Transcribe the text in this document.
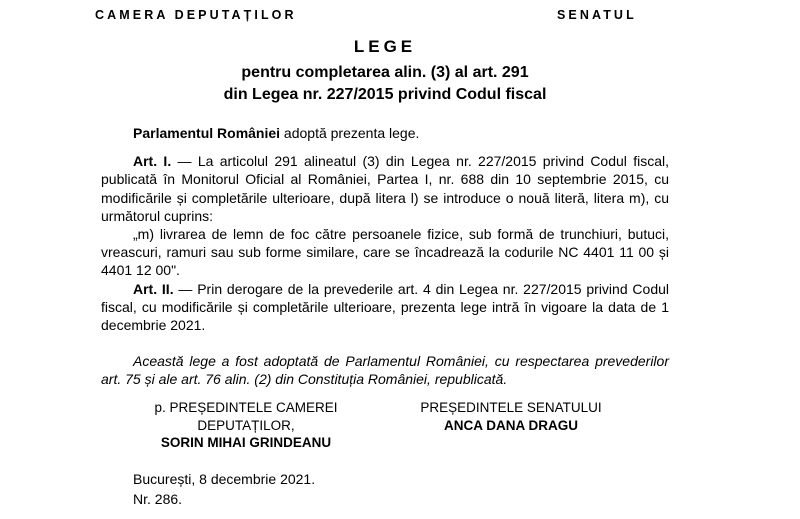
CAMERA DEPUTAȚILOR	SENATUL
LEGE
pentru completarea alin. (3) al art. 291
din Legea nr. 227/2015 privind Codul fiscal

Parlamentul României adoptă prezenta lege.

Art. I. — La articolul 291 alineatul (3) din Legea nr. 227/2015 privind Codul fiscal, publicată în Monitorul Oficial al României, Partea I, nr. 688 din 10 septembrie 2015, cu modificările și completările ulterioare, după litera l) se introduce o nouă literă, litera m), cu următorul cuprins:

„m) livrarea de lemn de foc către persoanele fizice, sub formă de trunchiuri, butuci, vreascuri, ramuri sau sub forme similare, care se încadrează la codurile NC 4401 11 00 și 4401 12 00".

Art. II. — Prin derogare de la prevederile art. 4 din Legea nr. 227/2015 privind Codul fiscal, cu modificările și completările ulterioare, prezenta lege intră în vigoare la data de 1 decembrie 2021.

Această lege a fost adoptată de Parlamentul României, cu respectarea prevederilor art. 75 și ale art. 76 alin. (2) din Constituția României, republicată.
p. PREȘEDINTELE CAMEREI
DEPUTAȚILOR,
SORIN MIHAI GRINDEANU
PREȘEDINTELE SENATULUI
ANCA DANA DRAGU
București, 8 decembrie 2021.
Nr. 286.
